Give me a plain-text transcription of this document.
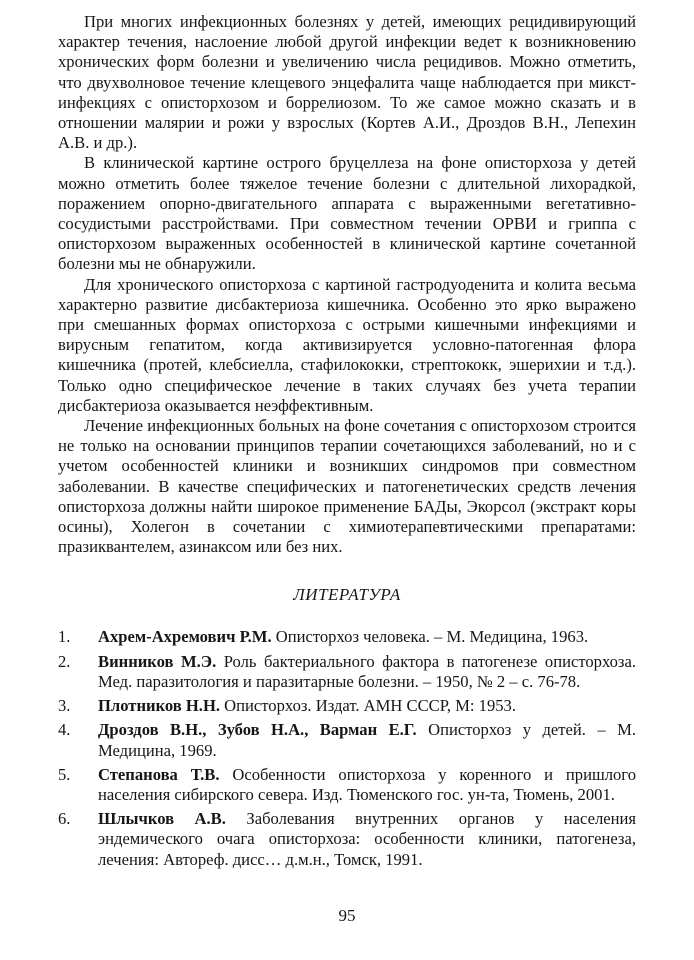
При многих инфекционных болезнях у детей, имеющих рецидивирующий характер течения, наслоение любой другой инфекции ведет к возникновению хронических форм болезни и увеличению числа рецидивов. Можно отметить, что двухволновое течение клещевого энцефалита чаще наблюдается при микст-инфекциях с описторхозом и боррелиозом. То же самое можно сказать и в отношении малярии и рожи у взрослых (Кортев А.И., Дроздов В.Н., Лепехин А.В. и др.).

В клинической картине острого бруцеллеза на фоне описторхоза у детей можно отметить более тяжелое течение болезни с длительной лихорадкой, поражением опорно-двигательного аппарата с выраженными вегетативно-сосудистыми расстройствами. При совместном течении ОРВИ и гриппа с описторхозом выраженных особенностей в клинической картине сочетанной болезни мы не обнаружили.

Для хронического описторхоза с картиной гастродуоденита и колита весьма характерно развитие дисбактериоза кишечника. Особенно это ярко выражено при смешанных формах описторхоза с острыми кишечными инфекциями и вирусным гепатитом, когда активизируется условно-патогенная флора кишечника (протей, клебсиелла, стафилококки, стрептококк, эшерихии и т.д.). Только одно специфическое лечение в таких случаях без учета терапии дисбактериоза оказывается неэффективным.

Лечение инфекционных больных на фоне сочетания с описторхозом строится не только на основании принципов терапии сочетающихся заболеваний, но и с учетом особенностей клиники и возникших синдромов при совместном заболевании. В качестве специфических и патогенетических средств лечения описторхоза должны найти широкое применение БАДы, Экорсол (экстракт коры осины), Холегон в сочетании с химиотерапевтическими препаратами: празиквантелем, азинаксом или без них.

ЛИТЕРАТУРА
1. Ахрем-Ахремович Р.М. Описторхоз человека. – М. Медицина, 1963.
2. Винников М.Э. Роль бактериального фактора в патогенезе описторхоза. Мед. паразитология и паразитарные болезни. – 1950, № 2 – с. 76-78.
3. Плотников Н.Н. Описторхоз. Издат. АМН СССР, М: 1953.
4. Дроздов В.Н., Зубов Н.А., Варман Е.Г. Описторхоз у детей. – М. Медицина, 1969.
5. Степанова Т.В. Особенности описторхоза у коренного и пришлого населения сибирского севера. Изд. Тюменского гос. ун-та, Тюмень, 2001.
6. Шлычков А.В. Заболевания внутренних органов у населения эндемического очага описторхоза: особенности клиники, патогенеза, лечения: Автореф. дисс… д.м.н., Томск, 1991.
95
